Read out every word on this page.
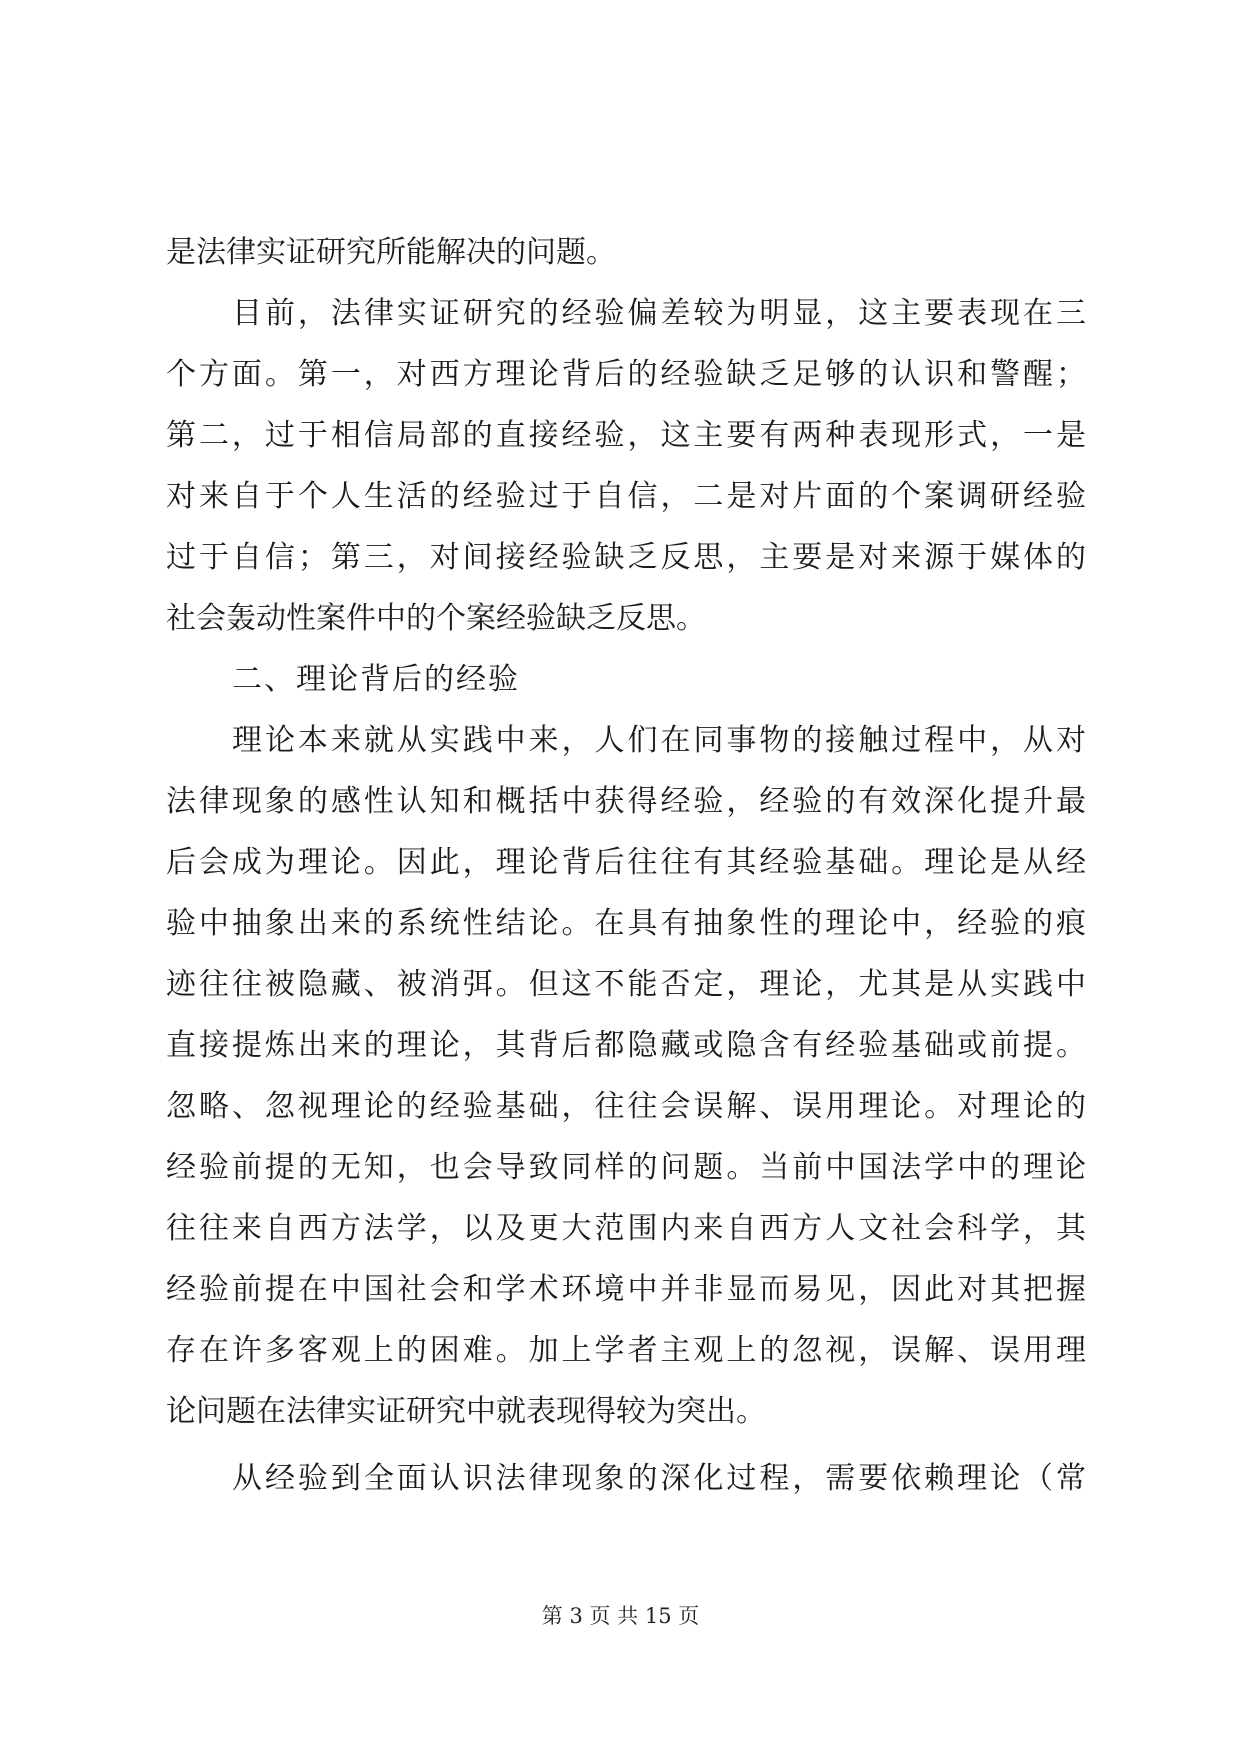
是法律实证研究所能解决的问题。
目前，法律实证研究的经验偏差较为明显，这主要表现在三
个方面。第一，对西方理论背后的经验缺乏足够的认识和警醒；
第二，过于相信局部的直接经验，这主要有两种表现形式，一是
对来自于个人生活的经验过于自信，二是对片面的个案调研经验
过于自信；第三，对间接经验缺乏反思，主要是对来源于媒体的
社会轰动性案件中的个案经验缺乏反思。
二、理论背后的经验
理论本来就从实践中来，人们在同事物的接触过程中，从对
法律现象的感性认知和概括中获得经验，经验的有效深化提升最
后会成为理论。因此，理论背后往往有其经验基础。理论是从经
验中抽象出来的系统性结论。在具有抽象性的理论中，经验的痕
迹往往被隐藏、被消弭。但这不能否定，理论，尤其是从实践中
直接提炼出来的理论，其背后都隐藏或隐含有经验基础或前提。
忽略、忽视理论的经验基础，往往会误解、误用理论。对理论的
经验前提的无知，也会导致同样的问题。当前中国法学中的理论
往往来自西方法学，以及更大范围内来自西方人文社会科学，其
经验前提在中国社会和学术环境中并非显而易见，因此对其把握
存在许多客观上的困难。加上学者主观上的忽视，误解、误用理
论问题在法律实证研究中就表现得较为突出。
从经验到全面认识法律现象的深化过程，需要依赖理论（常
第 3 页 共 15 页
